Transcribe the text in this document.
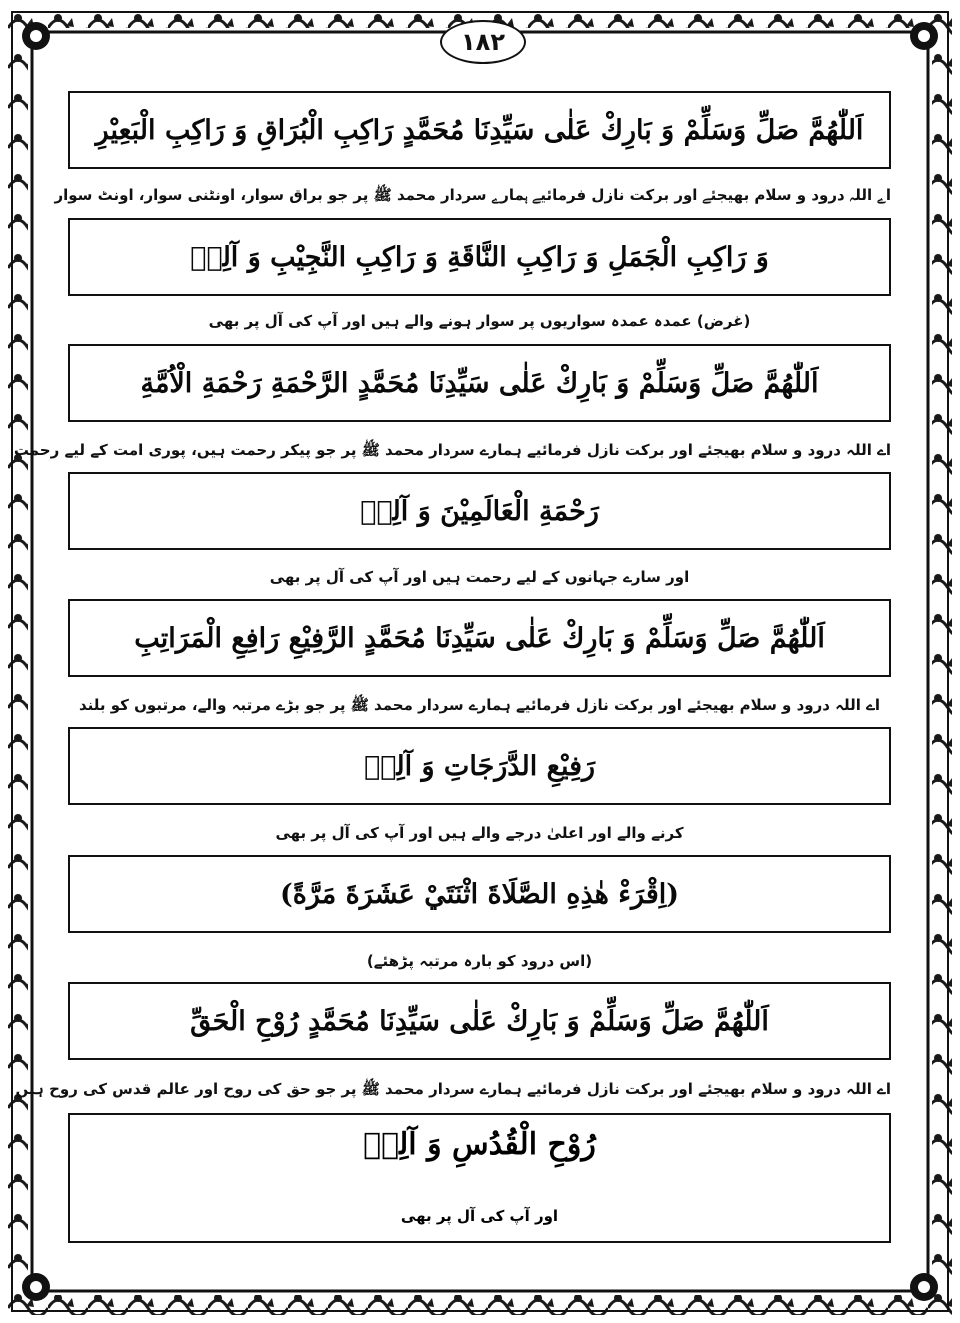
۱۸۲
اَللّٰهُمَّ صَلِّ وَسَلِّمْ وَ بَارِكْ عَلٰى سَيِّدِنَا مُحَمَّدٍ رَاكِبِ الْبُرَاقِ وَ رَاكِبِ الْبَعِيْرِ
اے اللہ درود و سلام بھیجئے اور برکت نازل فرمائیے ہمارے سردار محمد ﷺ پر جو براق سوار، اونٹنی سوار، اونٹ سوار
وَ رَاكِبِ الْجَمَلِ وَ رَاكِبِ النَّاقَةِ وَ رَاكِبِ النَّجِيْبِ وَ آلِهٖ
(غرض) عمدہ عمدہ سواریوں پر سوار ہونے والے ہیں اور آپ کی آل پر بھی
اَللّٰهُمَّ صَلِّ وَسَلِّمْ وَ بَارِكْ عَلٰى سَيِّدِنَا مُحَمَّدٍ الرَّحْمَةِ رَحْمَةِ الْاُمَّةِ
اے اللہ درود و سلام بھیجئے اور برکت نازل فرمائیے ہمارے سردار محمد ﷺ پر جو پیکر رحمت ہیں، پوری امت کے لیے رحمت
رَحْمَةِ الْعَالَمِيْنَ وَ آلِهٖ
اور سارے جہانوں کے لیے رحمت ہیں اور آپ کی آل پر بھی
اَللّٰهُمَّ صَلِّ وَسَلِّمْ وَ بَارِكْ عَلٰى سَيِّدِنَا مُحَمَّدٍ الرَّفِيْعِ رَافِعِ الْمَرَاتِبِ
اے اللہ درود و سلام بھیجئے اور برکت نازل فرمائیے ہمارے سردار محمد ﷺ پر جو بڑے مرتبہ والے، مرتبوں کو بلند
رَفِيْعِ الدَّرَجَاتِ وَ آلِهٖ
کرنے والے اور اعلیٰ درجے والے ہیں اور آپ کی آل پر بھی
(اِقْرَءْ هٰذِهِ الصَّلَاةَ اثْنَتَيْ عَشَرَةَ مَرَّةً)
(اس درود کو بارہ مرتبہ پڑھئے)
اَللّٰهُمَّ صَلِّ وَسَلِّمْ وَ بَارِكْ عَلٰى سَيِّدِنَا مُحَمَّدٍ رُوْحِ الْحَقِّ
اے اللہ درود و سلام بھیجئے اور برکت نازل فرمائیے ہمارے سردار محمد ﷺ پر جو حق کی روح اور عالم قدس کی روح ہیں
رُوْحِ الْقُدُسِ وَ آلِهٖ
اور آپ کی آل پر بھی
